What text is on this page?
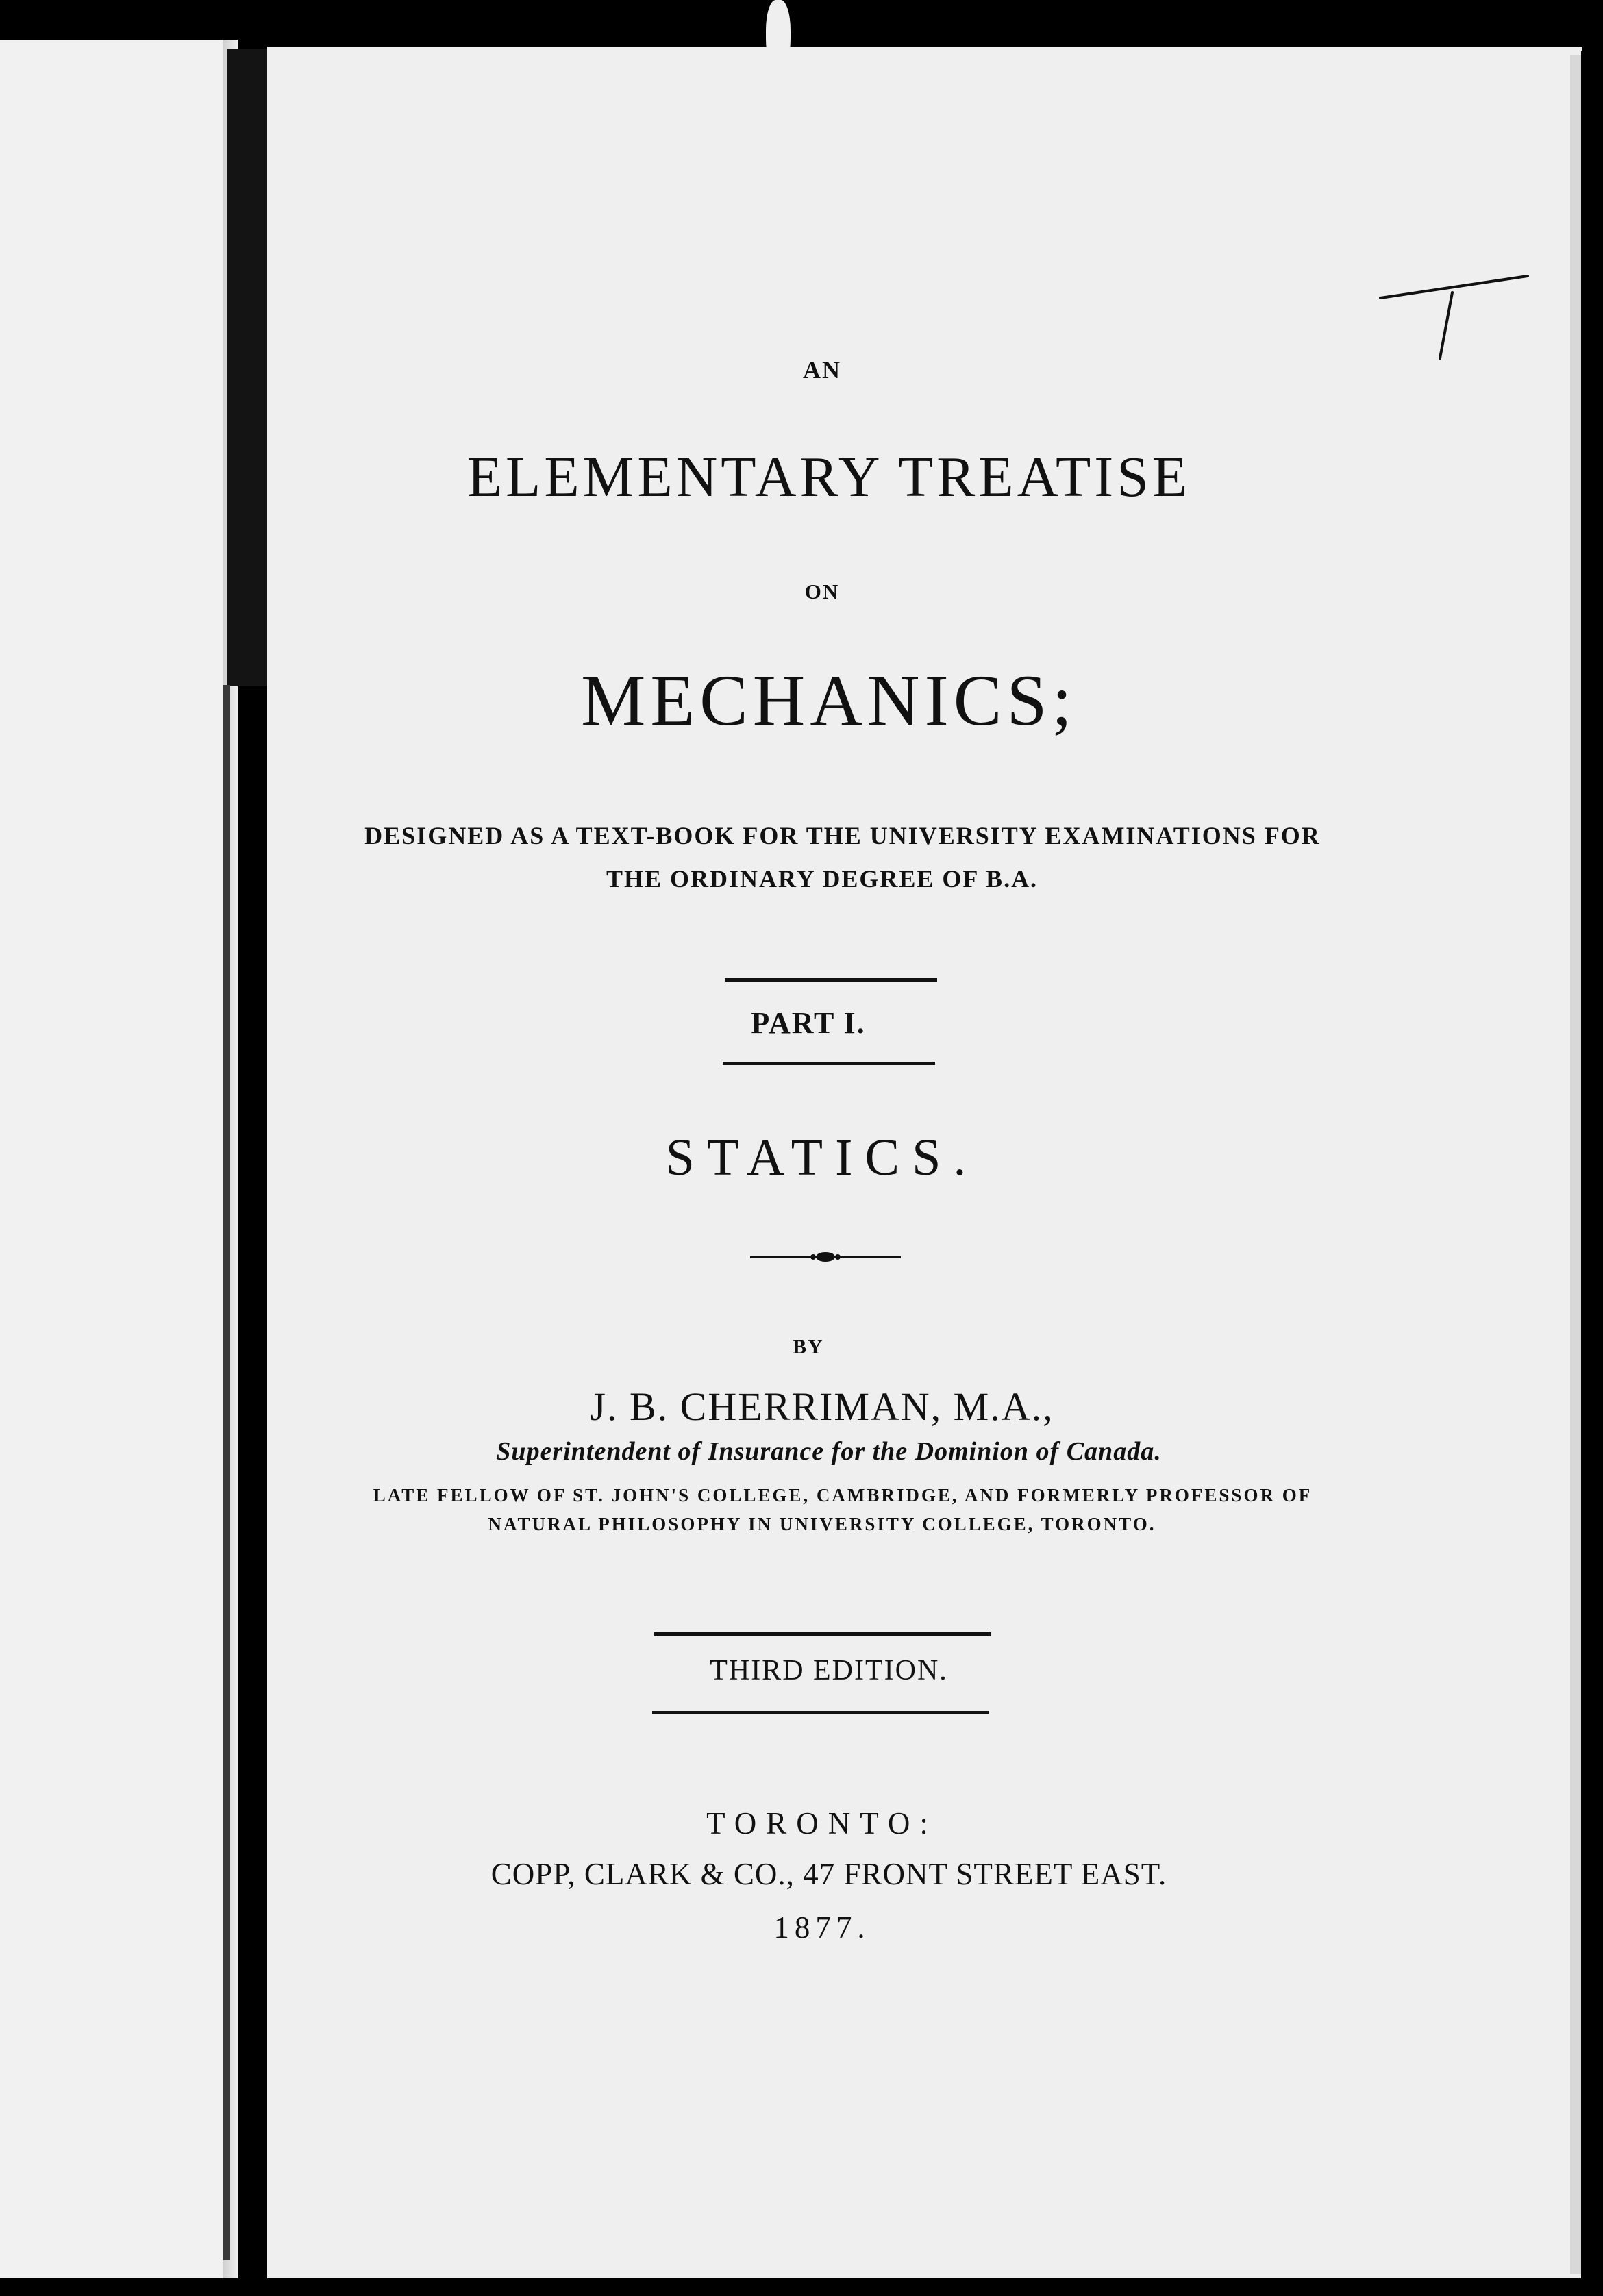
AN
ELEMENTARY TREATISE
ON
MECHANICS;
DESIGNED AS A TEXT-BOOK FOR THE UNIVERSITY EXAMINATIONS FOR
THE ORDINARY DEGREE OF B.A.
PART I.
STATICS.
BY
J. B. CHERRIMAN, M.A.,
Superintendent of Insurance for the Dominion of Canada.
LATE FELLOW OF ST. JOHN'S COLLEGE, CAMBRIDGE, AND FORMERLY PROFESSOR OF
NATURAL PHILOSOPHY IN UNIVERSITY COLLEGE, TORONTO.
THIRD EDITION.
TORONTO:
COPP, CLARK & CO., 47 FRONT STREET EAST.
1877.
